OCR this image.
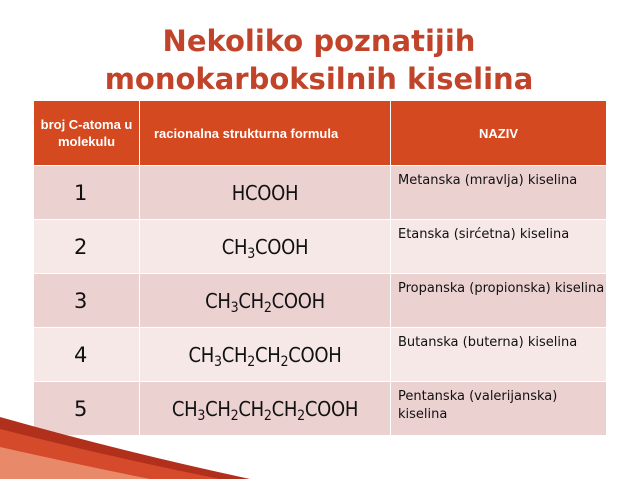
Nekoliko poznatijih
monokarboksilnih kiselina
broj C-atoma u molekulu	racionalna strukturna formula	NAZIV
1	HCOOH	Metanska (mravlja) kiselina
2	$CH_3COOH$	Etanska (sirćetna) kiselina
3	$CH_3CH_2COOH$	Propanska (propionska) kiselina
4	$CH_3CH_2CH_2COOH$	Butanska (buterna) kiselina
5	$CH_3CH_2CH_2CH_2COOH$	Pentanska (valerijanska) kiselina
